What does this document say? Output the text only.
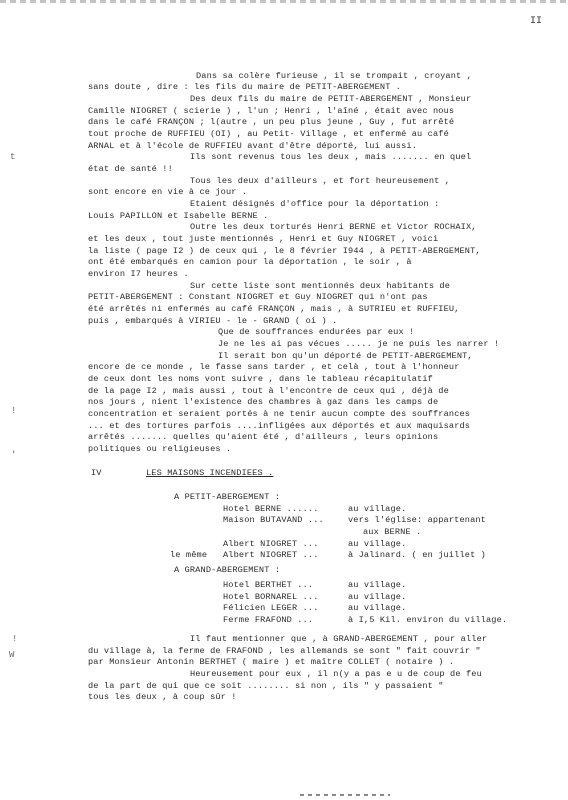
II
t
!
'
!
W
Dans sa colère furieuse , il se trompait , croyant ,
sans doute , dire : les fils du maire de PETIT-ABERGEMENT .
Des deux fils du maire de PETIT-ABERGEMENT , Monsieur
Camille NIOGRET ( scierie ) , l'un ; Henri , l'aîné , était avec nous
dans le café FRANÇON ; l(autre , un peu plus jeune , Guy , fut arrêté
tout proche de RUFFIEU (OI) , au Petit- Village , et enfermé au café
ARNAL et à l'école de RUFFIEU avant d'être déporté, lui aussi.
Ils sont revenus tous les deux , mais ....... en quel
état de santé !!
Tous les deux d'ailleurs , et fort heureusement ,
sont encore en vie à ce jour .
Etaient désignés d'office pour la déportation :
Louis PAPILLON et Isabelle BERNE .
Outre les deux torturés Henri BERNE et Victor ROCHAIX,
et les deux , tout juste mentionnés , Henri et Guy NIOGRET , voici
la liste ( page I2 ) de ceux qui , le 8 février I944 , à PETIT-ABERGEMENT,
ont été embarqués en camion pour la déportation , le soir , à
environ I7 heures .
Sur cette liste sont mentionnés deux habitants de
PETIT-ABERGEMENT : Constant NIOGRET et Guy NIOGRET qui n'ont pas
été arrêtés ni enfermés au café FRANÇON , mais , à SUTRIEU et RUFFIEU,
puis , embarqués à VIRIEU - le - GRAND ( oi ) .
Que de souffrances endurées par eux !
Je ne les ai pas vécues ..... je ne puis les narrer !
Il serait bon qu'un déporté de PETIT-ABERGEMENT,
encore de ce monde , le fasse sans tarder , et celà , tout à l'honneur
de ceux dont les noms vont suivre , dans le tableau récapitulatif
de la page I2 , mais aussi , tout à l'encontre de ceux qui , déjà de
nos jours , nient l'existence des chambres à gaz dans les camps de
concentration et seraient portés à ne tenir aucun compte des souffrances
... et des tortures parfois ....infligées aux déportés et aux maquisards
arrêtés ....... quelles qu'aient été , d'ailleurs , leurs opinions
politiques ou religieuses .
IV	LES MAISONS INCENDIEES .
A PETIT-ABERGEMENT :
Hotel BERNE ......	au village.
Maison BUTAVAND ...	vers l'église: appartenant
aux BERNE .
Albert NIOGRET ...	au village.
le même Albert NIOGRET ...	à Jalinard. ( en juillet )
A GRAND-ABERGEMENT :
Hotel BERTHET ...	au village.
Hotel BORNAREL ...	au village.
Félicien LEGER ...	au village.
Ferme FRAFOND ...	à I,5 Kil. environ du village.
Il faut mentionner que , à GRAND-ABERGEMENT , pour aller
du village à, la ferme de FRAFOND , les allemands se sont " fait couvrir "
par Monsieur Antonin BERTHET ( maire ) et maître COLLET ( notaire ) .
Heureusement pour eux , il n(y a pas e u de coup de feu
de la part de qui que ce soit ........ si non , ils " y passaient "
tous les deux , à coup sûr !
